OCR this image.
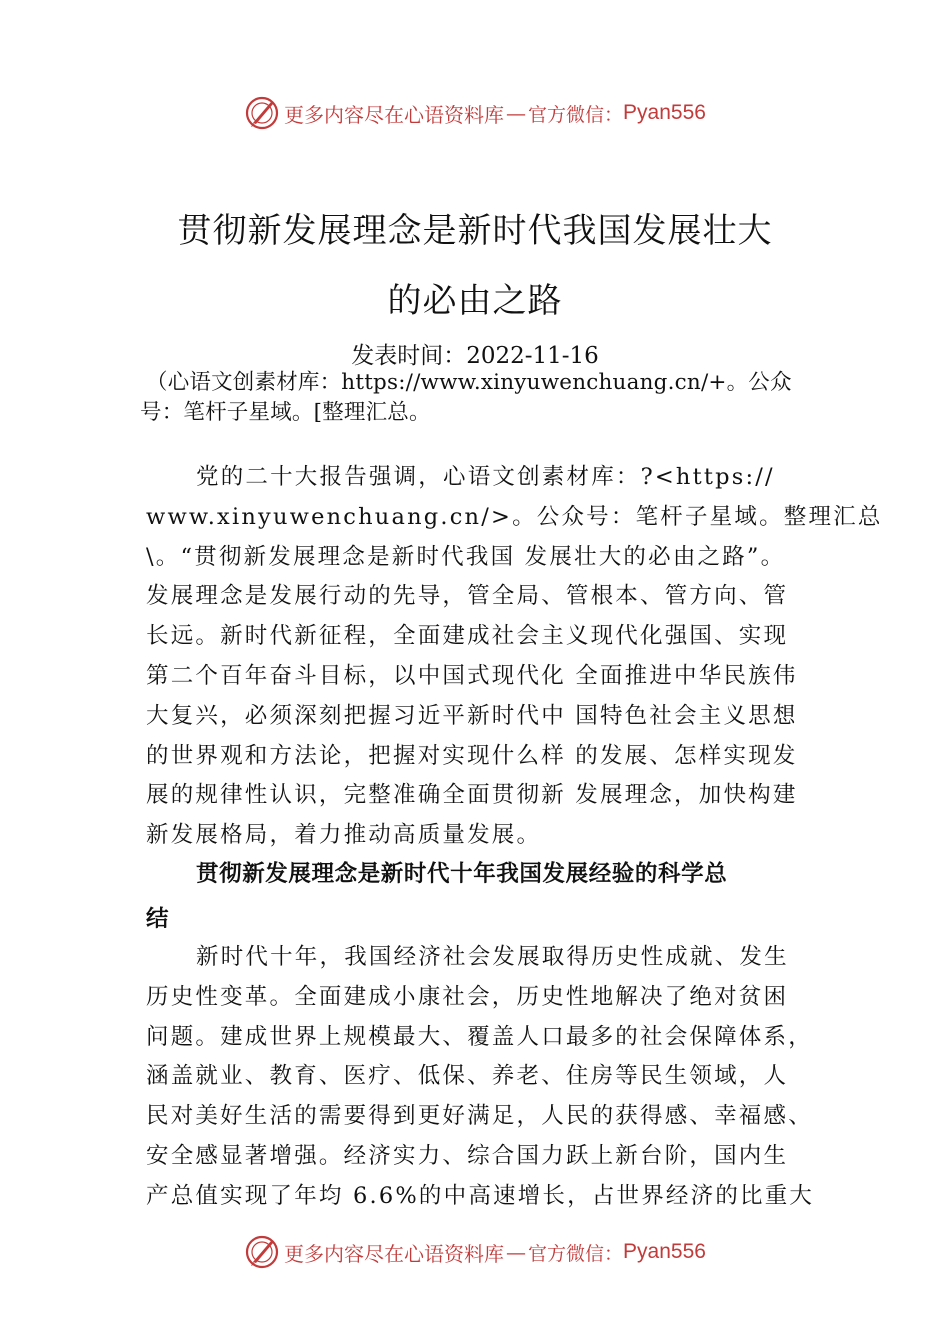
更多内容尽在心语资料库 — 官方微信： Pyan556
贯彻新发展理念是新时代我国发展壮大
的必由之路
发表时间：2022-11-16
（心语文创素材库：https://www.xinyuwenchuang.cn/+。公众
号：笔杆子星域。[整理汇总。
党的二十大报告强调，心语文创素材库：?<https://
www.xinyuwenchuang.cn/>。公众号：笔杆子星域。整理汇总
\。“贯彻新发展理念是新时代我国 发展壮大的必由之路”。
发展理念是发展行动的先导，管全局、管根本、管方向、管
长远。新时代新征程，全面建成社会主义现代化强国、实现
第二个百年奋斗目标，以中国式现代化 全面推进中华民族伟
大复兴，必须深刻把握习近平新时代中 国特色社会主义思想
的世界观和方法论，把握对实现什么样 的发展、怎样实现发
展的规律性认识，完整准确全面贯彻新 发展理念，加快构建
新发展格局，着力推动高质量发展。
贯彻新发展理念是新时代十年我国发展经验的科学总
结
新时代十年，我国经济社会发展取得历史性成就、发生
历史性变革。全面建成小康社会，历史性地解决了绝对贫困
问题。建成世界上规模最大、覆盖人口最多的社会保障体系，
涵盖就业、教育、医疗、低保、养老、住房等民生领域，人
民对美好生活的需要得到更好满足，人民的获得感、幸福感、
安全感显著增强。经济实力、综合国力跃上新台阶，国内生
产总值实现了年均 6.6%的中高速增长，占世界经济的比重大
更多内容尽在心语资料库 — 官方微信： Pyan556
